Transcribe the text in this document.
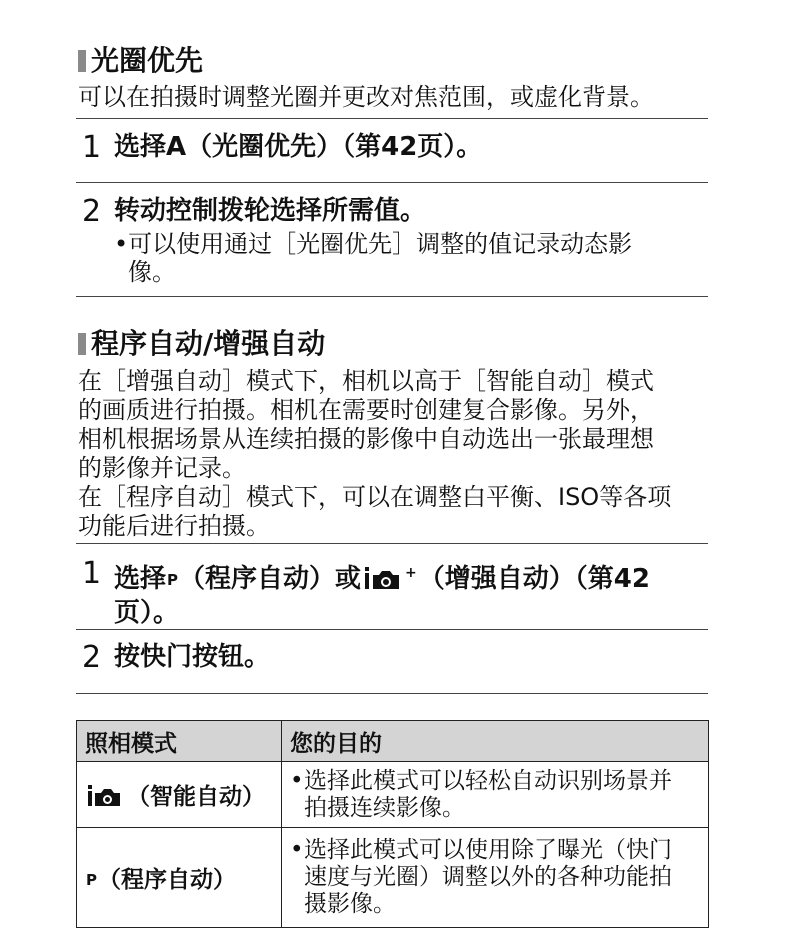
光圈优先
可以在拍摄时调整光圈并更改对焦范围，或虚化背景。
1 选择A（光圈优先）（第42页）。
2 转动控制拨轮选择所需值。
•可以使用通过［光圈优先］调整的值记录动态影
像。
程序自动/增强自动
在［增强自动］模式下，相机以高于［智能自动］模式
的画质进行拍摄。相机在需要时创建复合影像。另外，
相机根据场景从连续拍摄的影像中自动选出一张最理想
的影像并记录。
在［程序自动］模式下，可以在调整白平衡、ISO等各项
功能后进行拍摄。
1 选择P（程序自动）或	+ （增强自动）（第42
页）。
2 按快门按钮。
照相模式	您的目的

（智能自动）	• 选择此模式可以轻松自动识别场景并
拍摄连续影像。

P（程序自动）	• 选择此模式可以使用除了曝光（快门
速度与光圈）调整以外的各种功能拍
摄影像。
